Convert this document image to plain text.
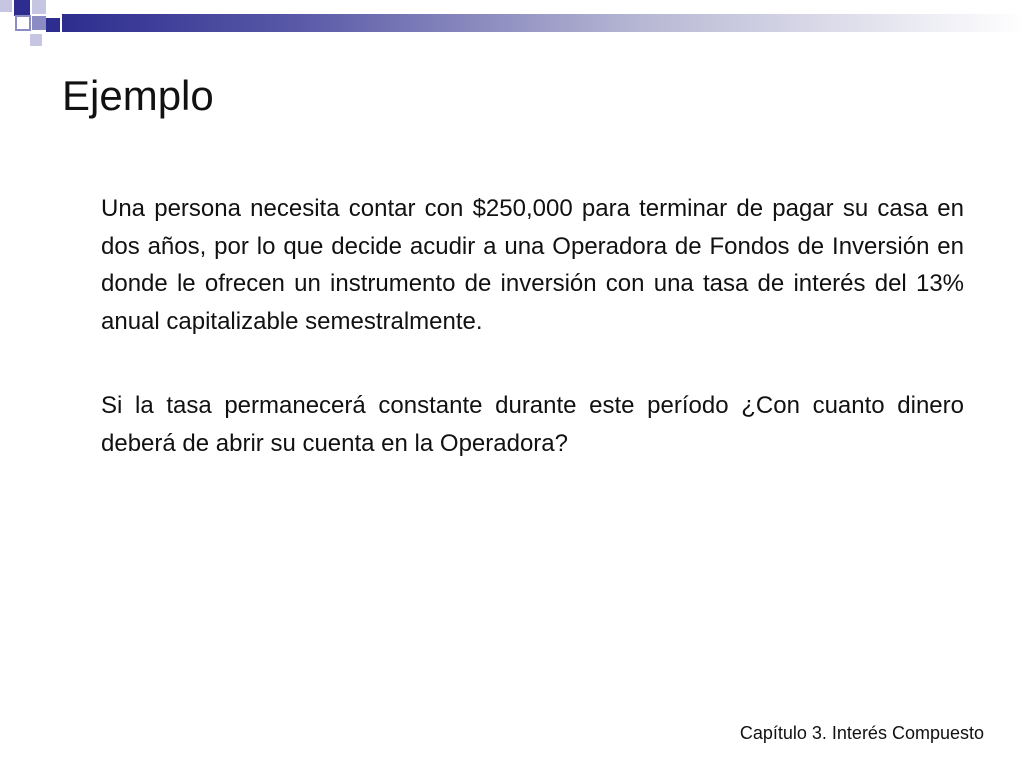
Ejemplo

Una persona necesita contar con $250,000 para terminar de pagar su casa en dos años, por lo que decide acudir a una Operadora de Fondos de Inversión en donde le ofrecen un instrumento de inversión con una tasa de interés del 13% anual capitalizable semestralmente.

Si la tasa permanecerá constante durante este período ¿Con cuanto dinero deberá de abrir su cuenta en la Operadora?

Capítulo 3. Interés Compuesto
